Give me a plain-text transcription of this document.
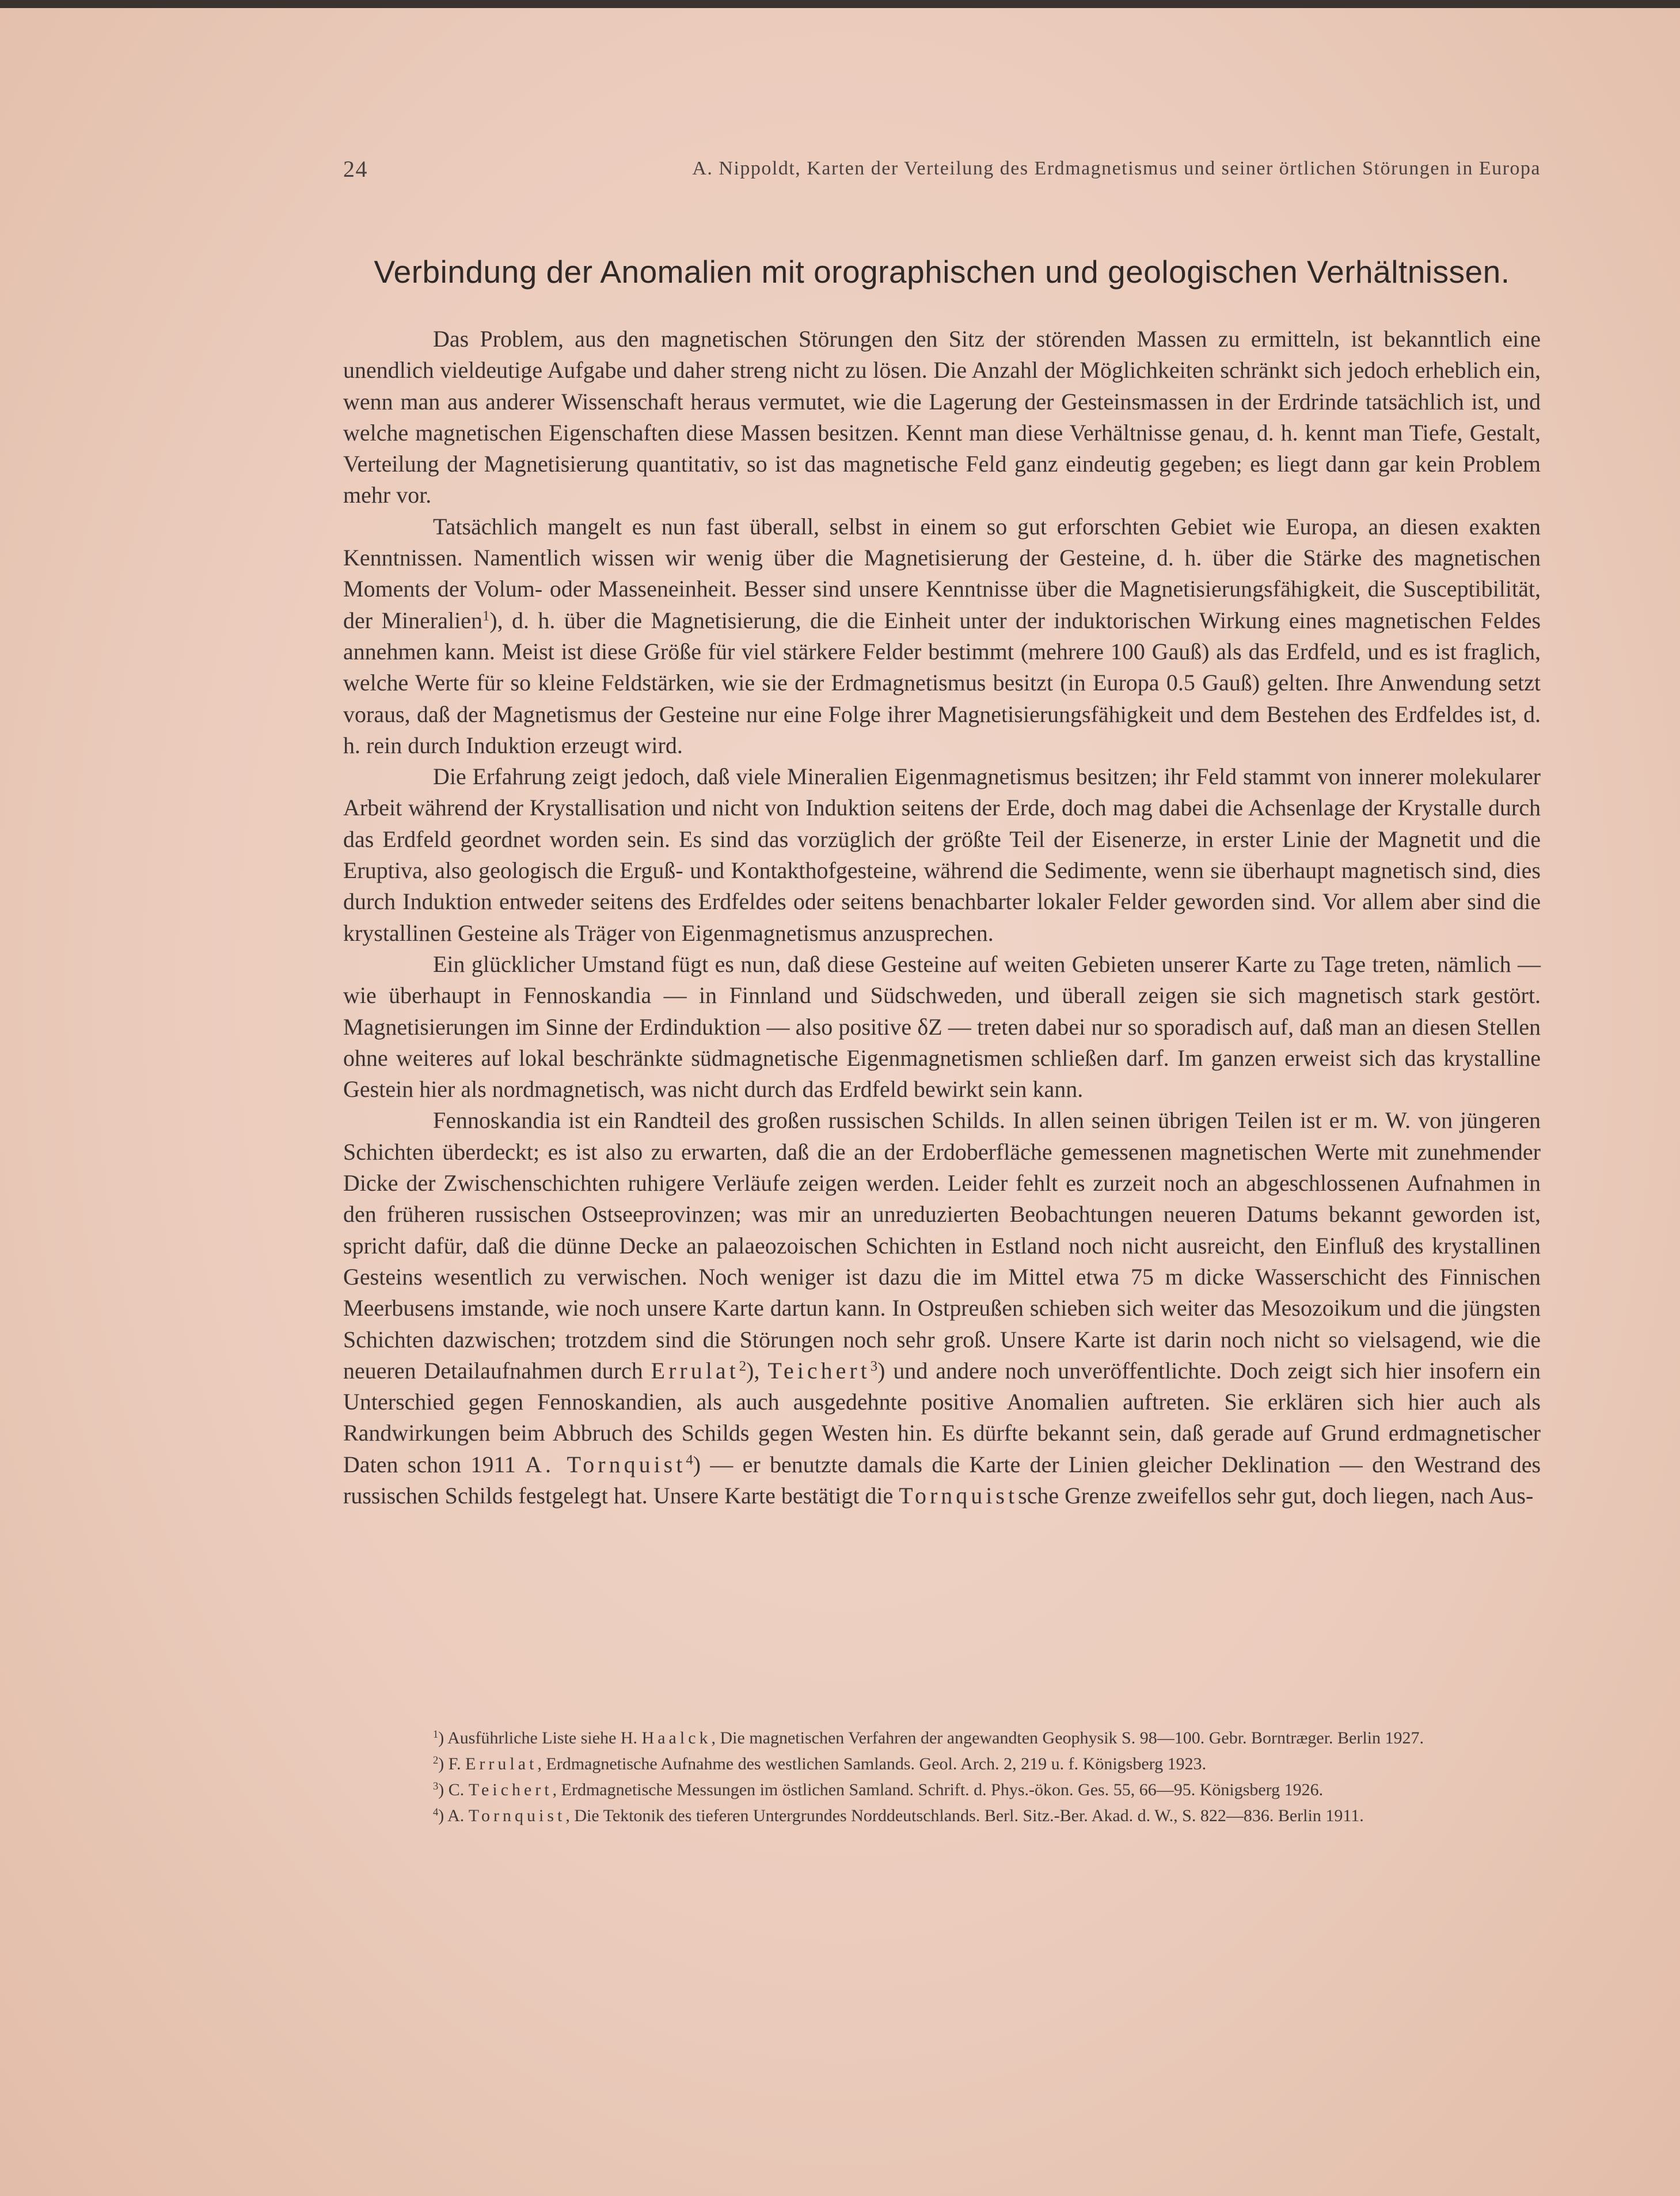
24	A. Nippoldt, Karten der Verteilung des Erdmagnetismus und seiner örtlichen Störungen in Europa
Verbindung der Anomalien mit orographischen und geologischen Verhältnissen.

Das Problem, aus den magnetischen Störungen den Sitz der störenden Massen zu ermitteln, ist bekanntlich eine unendlich vieldeutige Aufgabe und daher streng nicht zu lösen. Die Anzahl der Möglichkeiten schränkt sich jedoch erheblich ein, wenn man aus anderer Wissenschaft heraus vermutet, wie die Lagerung der Gesteinsmassen in der Erdrinde tatsächlich ist, und welche magnetischen Eigenschaften diese Massen besitzen. Kennt man diese Verhältnisse genau, d. h. kennt man Tiefe, Gestalt, Verteilung der Magnetisierung quantitativ, so ist das magnetische Feld ganz eindeutig gegeben; es liegt dann gar kein Problem mehr vor.

Tatsächlich mangelt es nun fast überall, selbst in einem so gut erforschten Gebiet wie Europa, an diesen exakten Kenntnissen. Namentlich wissen wir wenig über die Magnetisierung der Gesteine, d. h. über die Stärke des magnetischen Moments der Volum- oder Masseneinheit. Besser sind unsere Kenntnisse über die Magnetisierungsfähigkeit, die Susceptibilität, der Mineralien$^1$), d. h. über die Magnetisierung, die die Einheit unter der induktorischen Wirkung eines magnetischen Feldes annehmen kann. Meist ist diese Größe für viel stärkere Felder bestimmt (mehrere 100 Gauß) als das Erdfeld, und es ist fraglich, welche Werte für so kleine Feldstärken, wie sie der Erdmagnetismus besitzt (in Europa 0.5 Gauß) gelten. Ihre Anwendung setzt voraus, daß der Magnetismus der Gesteine nur eine Folge ihrer Magnetisierungsfähigkeit und dem Bestehen des Erdfeldes ist, d. h. rein durch Induktion erzeugt wird.

Die Erfahrung zeigt jedoch, daß viele Mineralien Eigenmagnetismus besitzen; ihr Feld stammt von innerer molekularer Arbeit während der Krystallisation und nicht von Induktion seitens der Erde, doch mag dabei die Achsenlage der Krystalle durch das Erdfeld geordnet worden sein. Es sind das vorzüglich der größte Teil der Eisenerze, in erster Linie der Magnetit und die Eruptiva, also geologisch die Erguß- und Kontakthofgesteine, während die Sedimente, wenn sie überhaupt magnetisch sind, dies durch Induktion entweder seitens des Erdfeldes oder seitens benachbarter lokaler Felder geworden sind. Vor allem aber sind die krystallinen Gesteine als Träger von Eigenmagnetismus anzusprechen.

Ein glücklicher Umstand fügt es nun, daß diese Gesteine auf weiten Gebieten unserer Karte zu Tage treten, nämlich — wie überhaupt in Fennoskandia — in Finnland und Südschweden, und überall zeigen sie sich magnetisch stark gestört. Magnetisierungen im Sinne der Erdinduktion — also positive δZ — treten dabei nur so sporadisch auf, daß man an diesen Stellen ohne weiteres auf lokal beschränkte südmagnetische Eigenmagnetismen schließen darf. Im ganzen erweist sich das krystalline Gestein hier als nordmagnetisch, was nicht durch das Erdfeld bewirkt sein kann.

Fennoskandia ist ein Randteil des großen russischen Schilds. In allen seinen übrigen Teilen ist er m. W. von jüngeren Schichten überdeckt; es ist also zu erwarten, daß die an der Erdoberfläche gemessenen magnetischen Werte mit zunehmender Dicke der Zwischenschichten ruhigere Verläufe zeigen werden. Leider fehlt es zurzeit noch an abgeschlossenen Aufnahmen in den früheren russischen Ostseeprovinzen; was mir an unreduzierten Beobachtungen neueren Datums bekannt geworden ist, spricht dafür, daß die dünne Decke an palaeozoischen Schichten in Estland noch nicht ausreicht, den Einfluß des krystallinen Gesteins wesentlich zu verwischen. Noch weniger ist dazu die im Mittel etwa 75 m dicke Wasserschicht des Finnischen Meerbusens imstande, wie noch unsere Karte dartun kann. In Ostpreußen schieben sich weiter das Mesozoikum und die jüngsten Schichten dazwischen; trotzdem sind die Störungen noch sehr groß. Unsere Karte ist darin noch nicht so vielsagend, wie die neueren Detailaufnahmen durch Errulat$^2$), Teichert$^3$) und andere noch unveröffentlichte. Doch zeigt sich hier insofern ein Unterschied gegen Fennoskandien, als auch ausgedehnte positive Anomalien auftreten. Sie erklären sich hier auch als Randwirkungen beim Abbruch des Schilds gegen Westen hin. Es dürfte bekannt sein, daß gerade auf Grund erdmagnetischer Daten schon 1911 A. Tornquist$^4$) — er benutzte damals die Karte der Linien gleicher Deklination — den Westrand des russischen Schilds festgelegt hat. Unsere Karte bestätigt die Tornquistsche Grenze zweifellos sehr gut, doch liegen, nach Aus-

$^1$) Ausführliche Liste siehe H. Haalck, Die magnetischen Verfahren der angewandten Geophysik S. 98—100. Gebr. Borntræger. Berlin 1927.

$^2$) F. Errulat, Erdmagnetische Aufnahme des westlichen Samlands. Geol. Arch. 2, 219 u. f. Königsberg 1923.

$^3$) C. Teichert, Erdmagnetische Messungen im östlichen Samland. Schrift. d. Phys.-ökon. Ges. 55, 66—95. Königsberg 1926.

$^4$) A. Tornquist, Die Tektonik des tieferen Untergrundes Norddeutschlands. Berl. Sitz.-Ber. Akad. d. W., S. 822—836. Berlin 1911.
